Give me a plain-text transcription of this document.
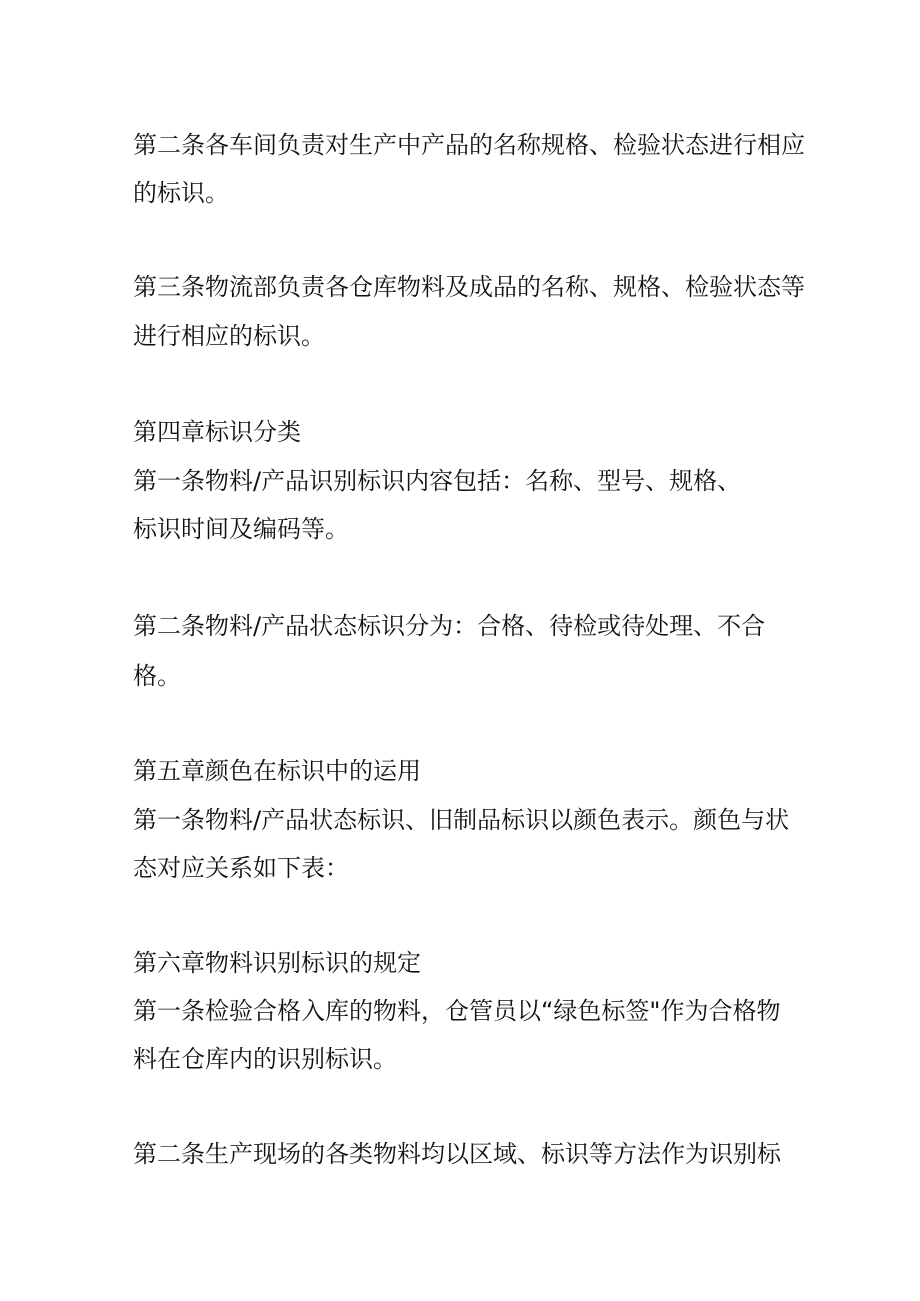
第二条各车间负责对生产中产品的名称规格、检验状态进行相应
的标识。
第三条物流部负责各仓库物料及成品的名称、规格、检验状态等
进行相应的标识。
第四章标识分类
第一条物料/产品识别标识内容包括：名称、型号、规格、
标识时间及编码等。
第二条物料/产品状态标识分为：合格、待检或待处理、不合
格。
第五章颜色在标识中的运用
第一条物料/产品状态标识、旧制品标识以颜色表示。颜色与状
态对应关系如下表：
第六章物料识别标识的规定
第一条检验合格入库的物料，仓管员以“绿色标签"作为合格物
料在仓库内的识别标识。
第二条生产现场的各类物料均以区域、标识等方法作为识别标
